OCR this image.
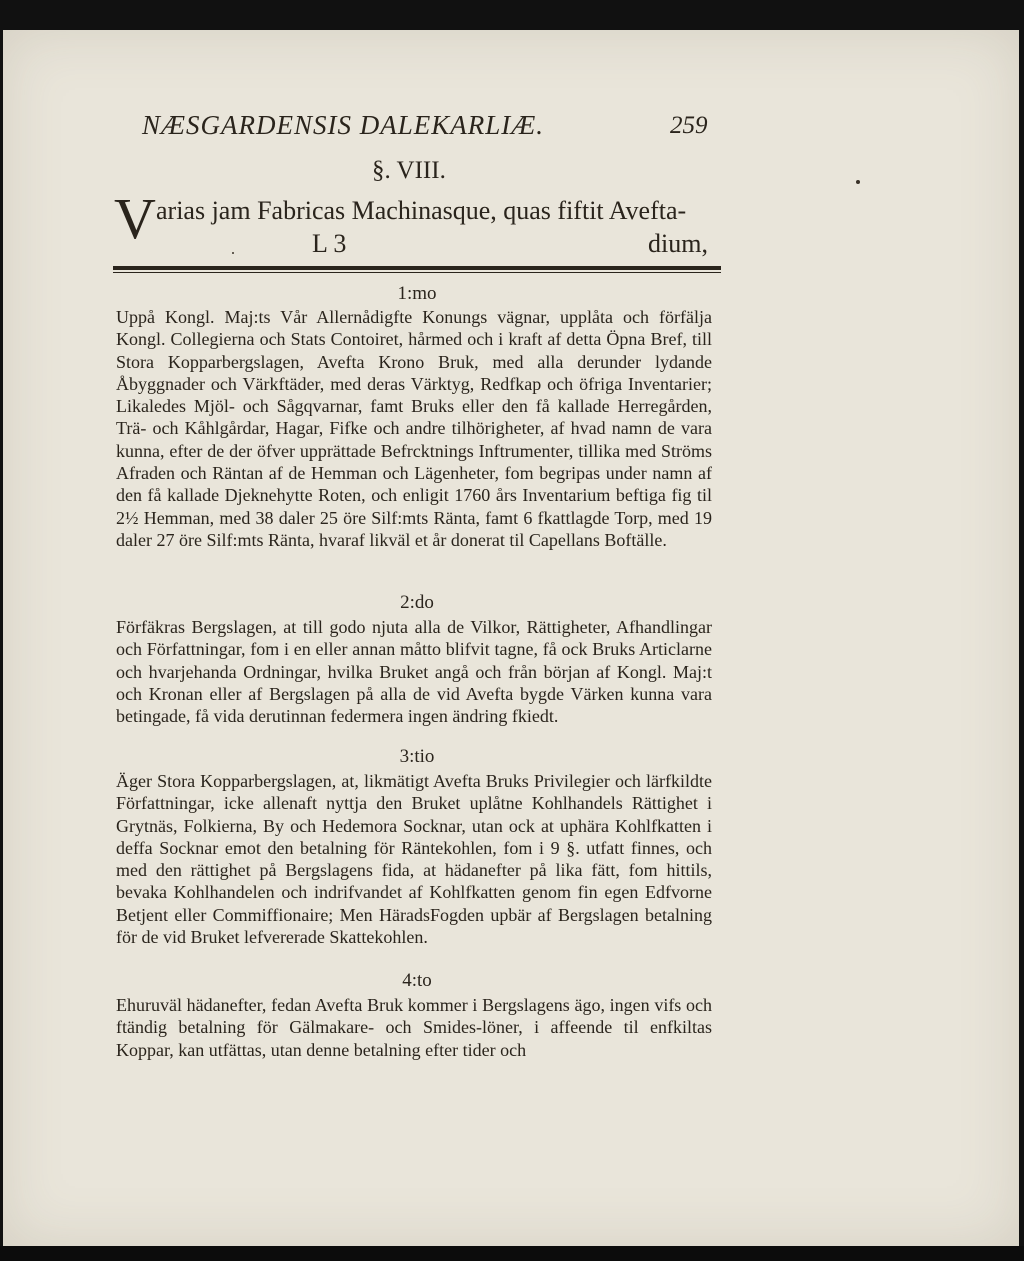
NÆSGARDENSIS DALEKARLIÆ.	259
§. VIII.
V arias jam Fabricas Machinasque, quas fiftit Avefta-
L 3	dium,
1:mo
Uppå Kongl. Maj:ts Vår Allernådigfte Konungs vägnar, upplåta och förfälja Kongl. Collegierna och Stats Contoiret, hårmed och i kraft af detta Öpna Bref, till Stora Kopparbergslagen, Avefta Krono Bruk, med alla derunder lydande Åbyggnader och Värkftäder, med deras Värktyg, Redfkap och öfriga Inventarier; Likaledes Mjöl- och Sågqvarnar, famt Bruks eller den få kallade Herregården, Trä- och Kåhlgårdar, Hagar, Fifke och andre tilhörigheter, af hvad namn de vara kunna, efter de der öfver upprättade Befrcktnings Inftrumenter, tillika med Ströms Afraden och Räntan af de Hemman och Lägenheter, fom begripas under namn af den få kallade Djeknehytte Roten, och enligit 1760 års Inventarium beftiga fig til 2½ Hemman, med 38 daler 25 öre Silf:mts Ränta, famt 6 fkattlagde Torp, med 19 daler 27 öre Silf:mts Ränta, hvaraf likväl et år donerat til Capellans Boftälle.
2:do
Förfäkras Bergslagen, at till godo njuta alla de Vilkor, Rättigheter, Afhandlingar och Författningar, fom i en eller annan måtto blifvit tagne, få ock Bruks Articlarne och hvarjehanda Ordningar, hvilka Bruket angå och från början af Kongl. Maj:t och Kronan eller af Bergslagen på alla de vid Avefta bygde Värken kunna vara betingade, få vida derutinnan federmera ingen ändring fkiedt.
3:tio
Äger Stora Kopparbergslagen, at, likmätigt Avefta Bruks Privilegier och lärfkildte Författningar, icke allenaft nyttja den Bruket uplåtne Kohlhandels Rättighet i Grytnäs, Folkierna, By och Hedemora Socknar, utan ock at uphära Kohlfkatten i deffa Socknar emot den betalning för Räntekohlen, fom i 9 §. utfatt finnes, och med den rättighet på Bergslagens fida, at hädanefter på lika fätt, fom hittils, bevaka Kohlhandelen och indrifvandet af Kohlfkatten genom fin egen Edfvorne Betjent eller Commiffionaire; Men HäradsFogden upbär af Bergslagen betalning för de vid Bruket lefvererade Skattekohlen.
4:to
Ehuruväl hädanefter, fedan Avefta Bruk kommer i Bergslagens ägo, ingen vifs och ftändig betalning för Gälmakare- och Smides-löner, i affeende til enfkiltas Koppar, kan utfättas, utan denne betalning efter tider och
